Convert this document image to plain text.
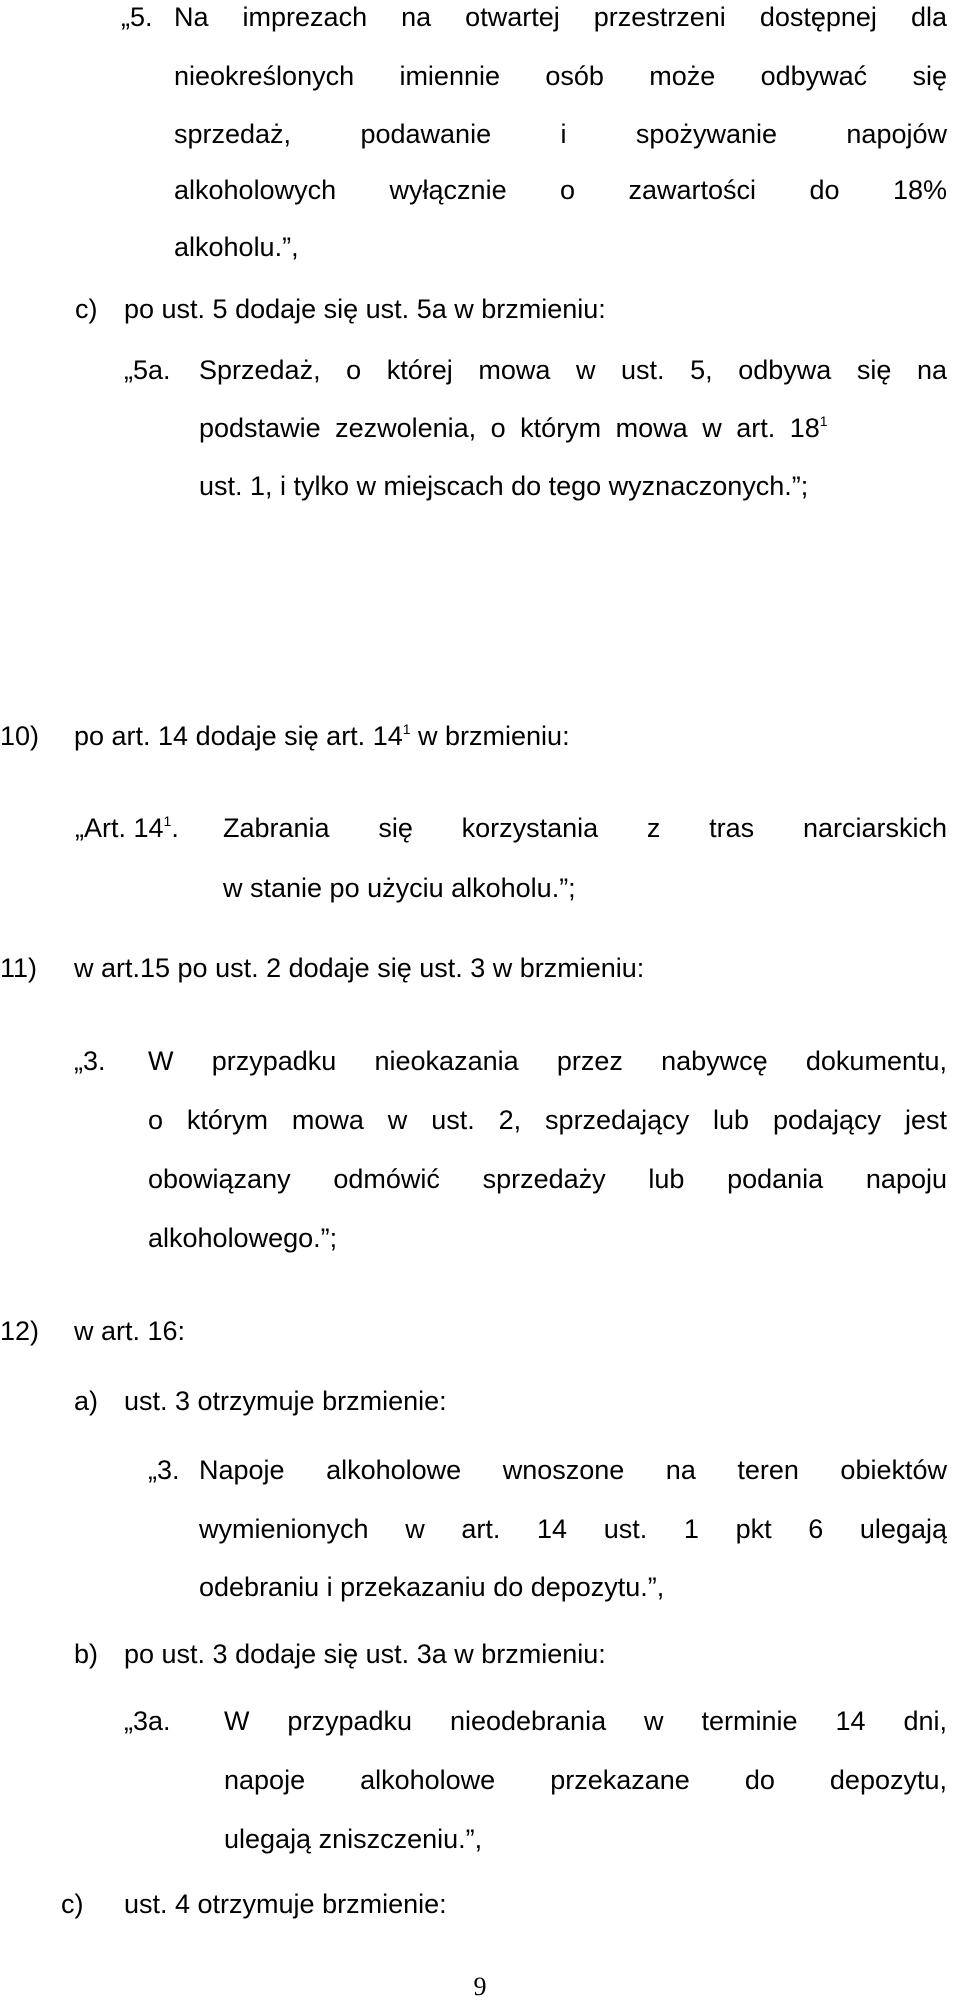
„5. Na imprezach na otwartej przestrzeni dostępnej dla
nieokreślonych imiennie osób może odbywać się
sprzedaż, podawanie i spożywanie napojów
alkoholowych wyłącznie o zawartości do 18%
alkoholu.”,
c) po ust. 5 dodaje się ust. 5a w brzmieniu:
„5a. Sprzedaż, o której mowa w ust. 5, odbywa się na
podstawie zezwolenia, o którym mowa w art. $18^1$
ust. 1, i tylko w miejscach do tego wyznaczonych.”;
10) po art. 14 dodaje się art. $14^1$ w brzmieniu:
„Art. $14^1$. Zabrania się korzystania z tras narciarskich
w stanie po użyciu alkoholu.”;
11) w art.15 po ust. 2 dodaje się ust. 3 w brzmieniu:
„3. W przypadku nieokazania przez nabywcę dokumentu,
o którym mowa w ust. 2, sprzedający lub podający jest
obowiązany odmówić sprzedaży lub podania napoju
alkoholowego.”;
12) w art. 16:
a) ust. 3 otrzymuje brzmienie:
„3. Napoje alkoholowe wnoszone na teren obiektów
wymienionych w art. 14 ust. 1 pkt 6 ulegają
odebraniu i przekazaniu do depozytu.”,
b) po ust. 3 dodaje się ust. 3a w brzmieniu:
„3a. W przypadku nieodebrania w terminie 14 dni,
napoje alkoholowe przekazane do depozytu,
ulegają zniszczeniu.”,
c) ust. 4 otrzymuje brzmienie:
9
